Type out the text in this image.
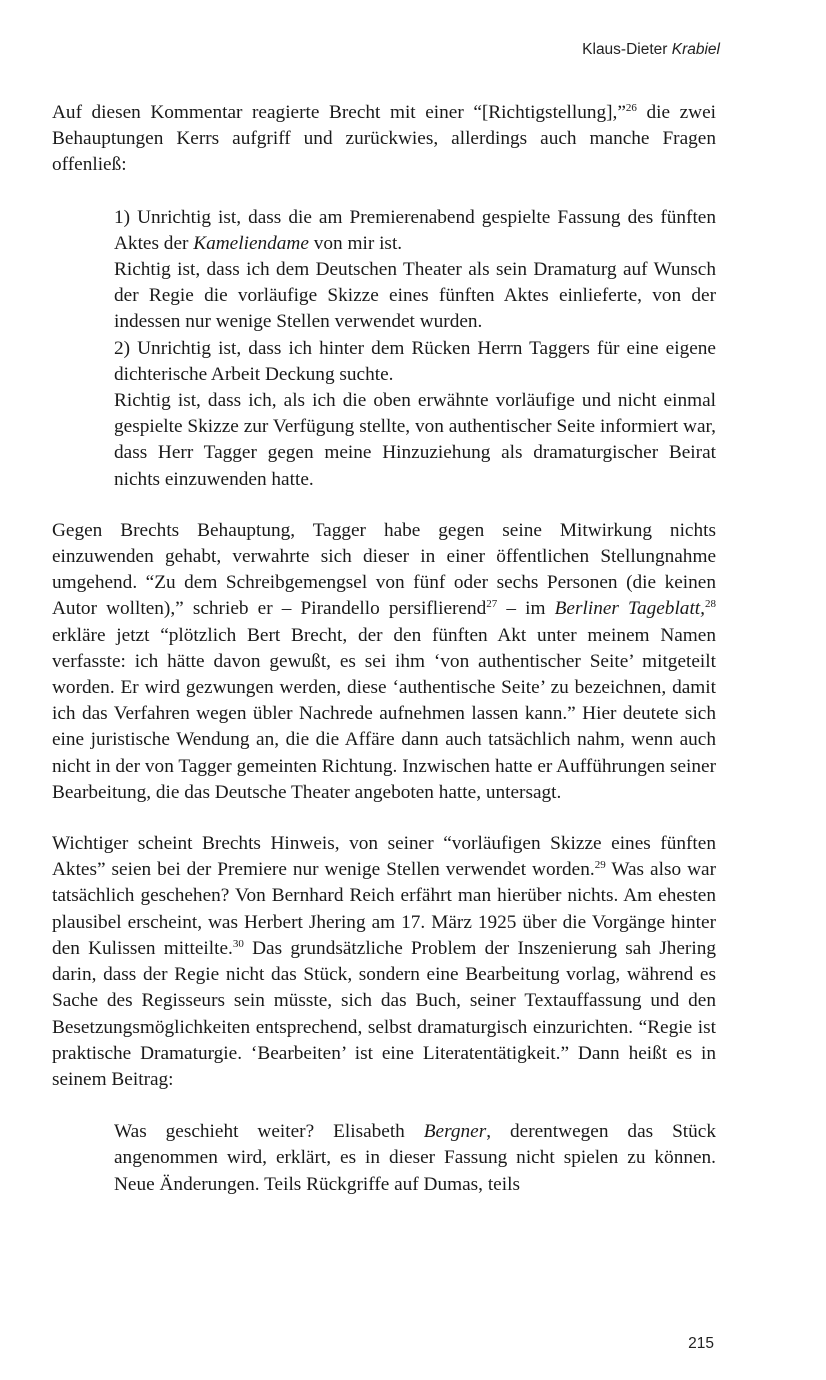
Klaus-Dieter Krabiel

Auf diesen Kommentar reagierte Brecht mit einer “[Richtigstellung],”$^{26}$ die zwei Behauptungen Kerrs aufgriff und zurückwies, allerdings auch manche Fragen offenließ:

1) Unrichtig ist, dass die am Premierenabend gespielte Fassung des fünften Aktes der Kameliendame von mir ist.

Richtig ist, dass ich dem Deutschen Theater als sein Dramaturg auf Wunsch der Regie die vorläufige Skizze eines fünften Aktes einlieferte, von der indessen nur wenige Stellen verwendet wurden.

2) Unrichtig ist, dass ich hinter dem Rücken Herrn Taggers für eine eigene dichterische Arbeit Deckung suchte.

Richtig ist, dass ich, als ich die oben erwähnte vorläufige und nicht einmal gespielte Skizze zur Verfügung stellte, von authentischer Seite informiert war, dass Herr Tagger gegen meine Hinzuziehung als dramaturgischer Beirat nichts einzuwenden hatte.

Gegen Brechts Behauptung, Tagger habe gegen seine Mitwirkung nichts einzuwenden gehabt, verwahrte sich dieser in einer öffentlichen Stellungnahme umgehend. “Zu dem Schreibgemengsel von fünf oder sechs Personen (die keinen Autor wollten),” schrieb er – Pirandello persiflierend$^{27}$ – im Berliner Tageblatt,$^{28}$ erkläre jetzt “plötzlich Bert Brecht, der den fünften Akt unter meinem Namen verfasste: ich hätte davon gewußt, es sei ihm ‘von authentischer Seite’ mitgeteilt worden. Er wird gezwungen werden, diese ‘authentische Seite’ zu bezeichnen, damit ich das Verfahren wegen übler Nachrede aufnehmen lassen kann.” Hier deutete sich eine juristische Wendung an, die die Affäre dann auch tatsächlich nahm, wenn auch nicht in der von Tagger gemeinten Richtung. Inzwischen hatte er Aufführungen seiner Bearbeitung, die das Deutsche Theater angeboten hatte, untersagt.

Wichtiger scheint Brechts Hinweis, von seiner “vorläufigen Skizze eines fünften Aktes” seien bei der Premiere nur wenige Stellen verwendet worden.$^{29}$ Was also war tatsächlich geschehen? Von Bernhard Reich erfährt man hierüber nichts. Am ehesten plausibel erscheint, was Herbert Jhering am 17. März 1925 über die Vorgänge hinter den Kulissen mitteilte.$^{30}$ Das grundsätzliche Problem der Inszenierung sah Jhering darin, dass der Regie nicht das Stück, sondern eine Bearbeitung vorlag, während es Sache des Regisseurs sein müsste, sich das Buch, seiner Textauffassung und den Besetzungsmöglichkeiten entsprechend, selbst dramaturgisch einzurichten. “Regie ist praktische Dramaturgie. ‘Bearbeiten’ ist eine Literatentätigkeit.” Dann heißt es in seinem Beitrag:

Was geschieht weiter? Elisabeth Bergner, derentwegen das Stück angenommen wird, erklärt, es in dieser Fassung nicht spielen zu können. Neue Änderungen. Teils Rückgriffe auf Dumas, teils

215
